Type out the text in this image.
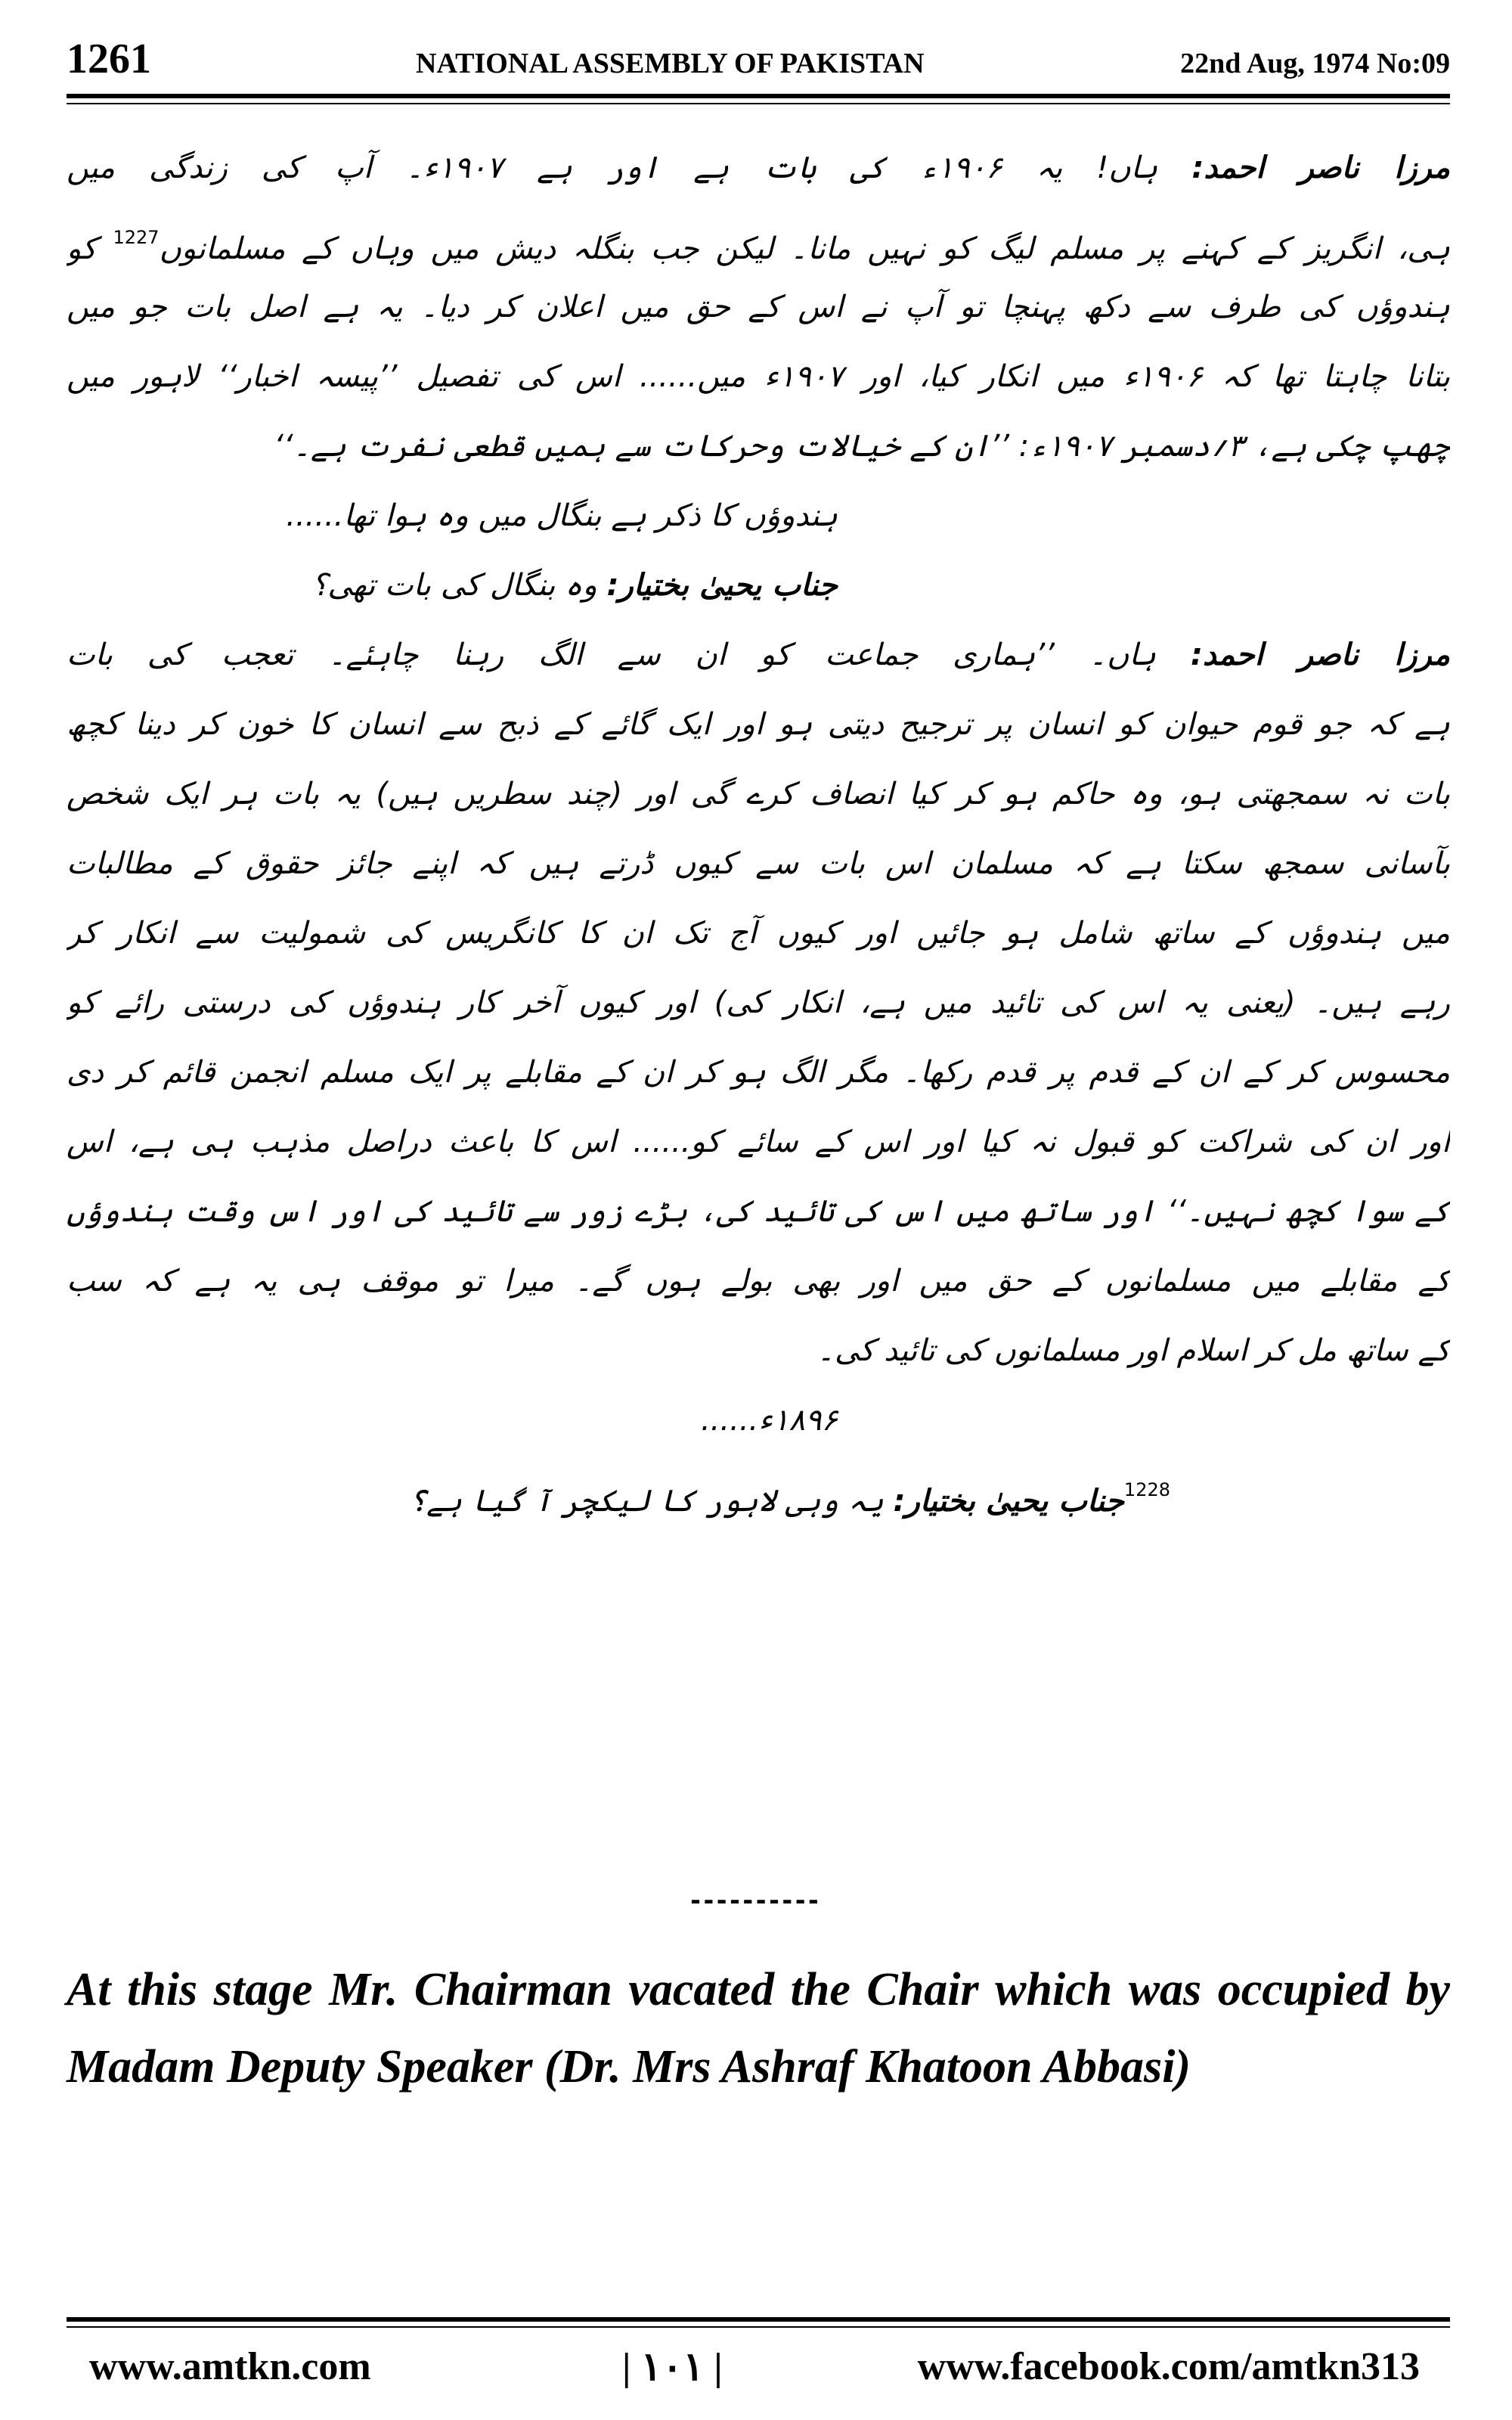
1261	NATIONAL ASSEMBLY OF PAKISTAN	22nd Aug, 1974 No:09
مرزا ناصر احمد: ہاں! یہ ۱۹۰۶ء کی بات ہے اور ہے ۱۹۰۷ء۔ آپ کی زندگی میں
ہی، انگریز کے کہنے پر مسلم لیگ کو نہیں مانا۔ لیکن جب بنگلہ دیش میں وہاں کے مسلمانوں$^{1227}$ کو
ہندوؤں کی طرف سے دکھ پہنچا تو آپ نے اس کے حق میں اعلان کر دیا۔ یہ ہے اصل بات جو میں
بتانا چاہتا تھا کہ ۱۹۰۶ء میں انکار کیا، اور ۱۹۰۷ء میں...... اس کی تفصیل ’’پیسہ اخبار‘‘ لاہور میں
چھپ چکی ہے، ۳؍دسمبر ۱۹۰۷ء: ’’ان کے خیالات وحرکات سے ہمیں قطعی نفرت ہے۔‘‘
ہندوؤں کا ذکر ہے بنگال میں وہ ہوا تھا......
جناب یحییٰ بختیار: وہ بنگال کی بات تھی؟
مرزا ناصر احمد: ہاں۔ ’’ہماری جماعت کو ان سے الگ رہنا چاہئے۔ تعجب کی بات
ہے کہ جو قوم حیوان کو انسان پر ترجیح دیتی ہو اور ایک گائے کے ذبح سے انسان کا خون کر دینا کچھ
بات نہ سمجھتی ہو، وہ حاکم ہو کر کیا انصاف کرے گی اور (چند سطریں ہیں) یہ بات ہر ایک شخص
بآسانی سمجھ سکتا ہے کہ مسلمان اس بات سے کیوں ڈرتے ہیں کہ اپنے جائز حقوق کے مطالبات
میں ہندوؤں کے ساتھ شامل ہو جائیں اور کیوں آج تک ان کا کانگریس کی شمولیت سے انکار کر
رہے ہیں۔ (یعنی یہ اس کی تائید میں ہے، انکار کی) اور کیوں آخر کار ہندوؤں کی درستی رائے کو
محسوس کر کے ان کے قدم پر قدم رکھا۔ مگر الگ ہو کر ان کے مقابلے پر ایک مسلم انجمن قائم کر دی
اور ان کی شراکت کو قبول نہ کیا اور اس کے سائے کو...... اس کا باعث دراصل مذہب ہی ہے، اس
کے سوا کچھ نہیں۔‘‘ اور ساتھ میں اس کی تائید کی، بڑے زور سے تائید کی اور اس وقت ہندوؤں
کے مقابلے میں مسلمانوں کے حق میں اور بھی بولے ہوں گے۔ میرا تو موقف ہی یہ ہے کہ سب
کے ساتھ مل کر اسلام اور مسلمانوں کی تائید کی۔
۱۸۹۶ء......
$^{1228}$جناب یحییٰ بختیار: یہ وہی لاہور کا لیکچر آ گیا ہے؟
----------
At this stage Mr. Chairman vacated the Chair which was occupied by Madam Deputy Speaker (Dr. Mrs Ashraf Khatoon Abbasi)
www.amtkn.com	| ۱۰۱ |	www.facebook.com/amtkn313
